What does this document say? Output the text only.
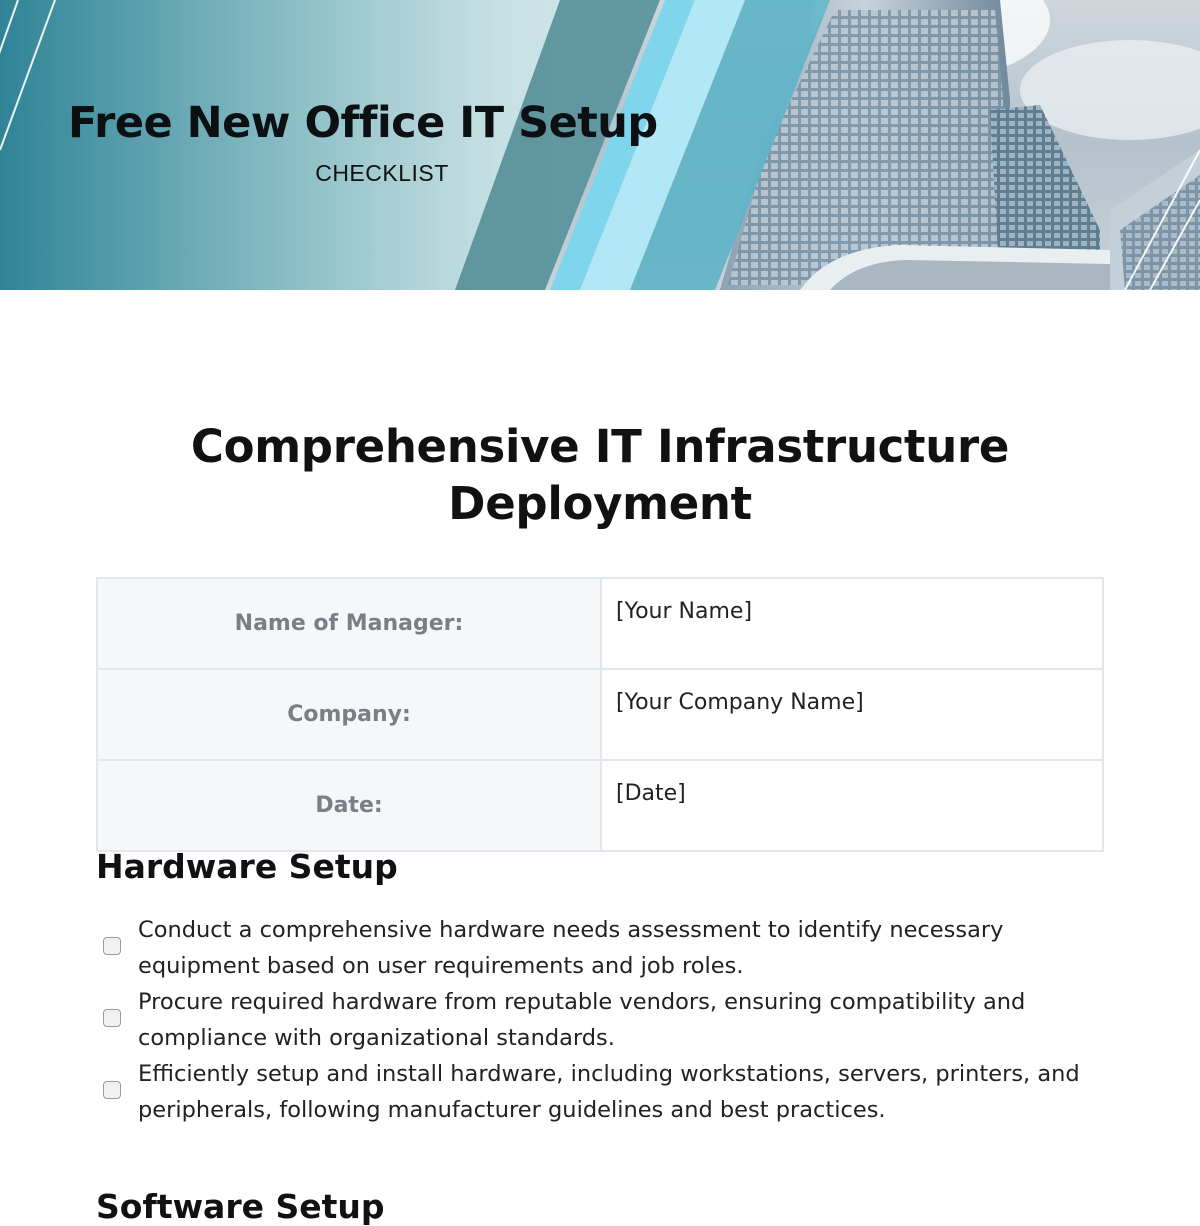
Free New Office IT Setup

CHECKLIST

Comprehensive IT Infrastructure Deployment
Name of Manager:	[Your Name]
Company:	[Your Company Name]
Date:	[Date]
Hardware Setup
Conduct a comprehensive hardware needs assessment to identify necessary equipment based on user requirements and job roles.
Procure required hardware from reputable vendors, ensuring compatibility and compliance with organizational standards.
Efficiently setup and install hardware, including workstations, servers, printers, and peripherals, following manufacturer guidelines and best practices.
Software Setup
